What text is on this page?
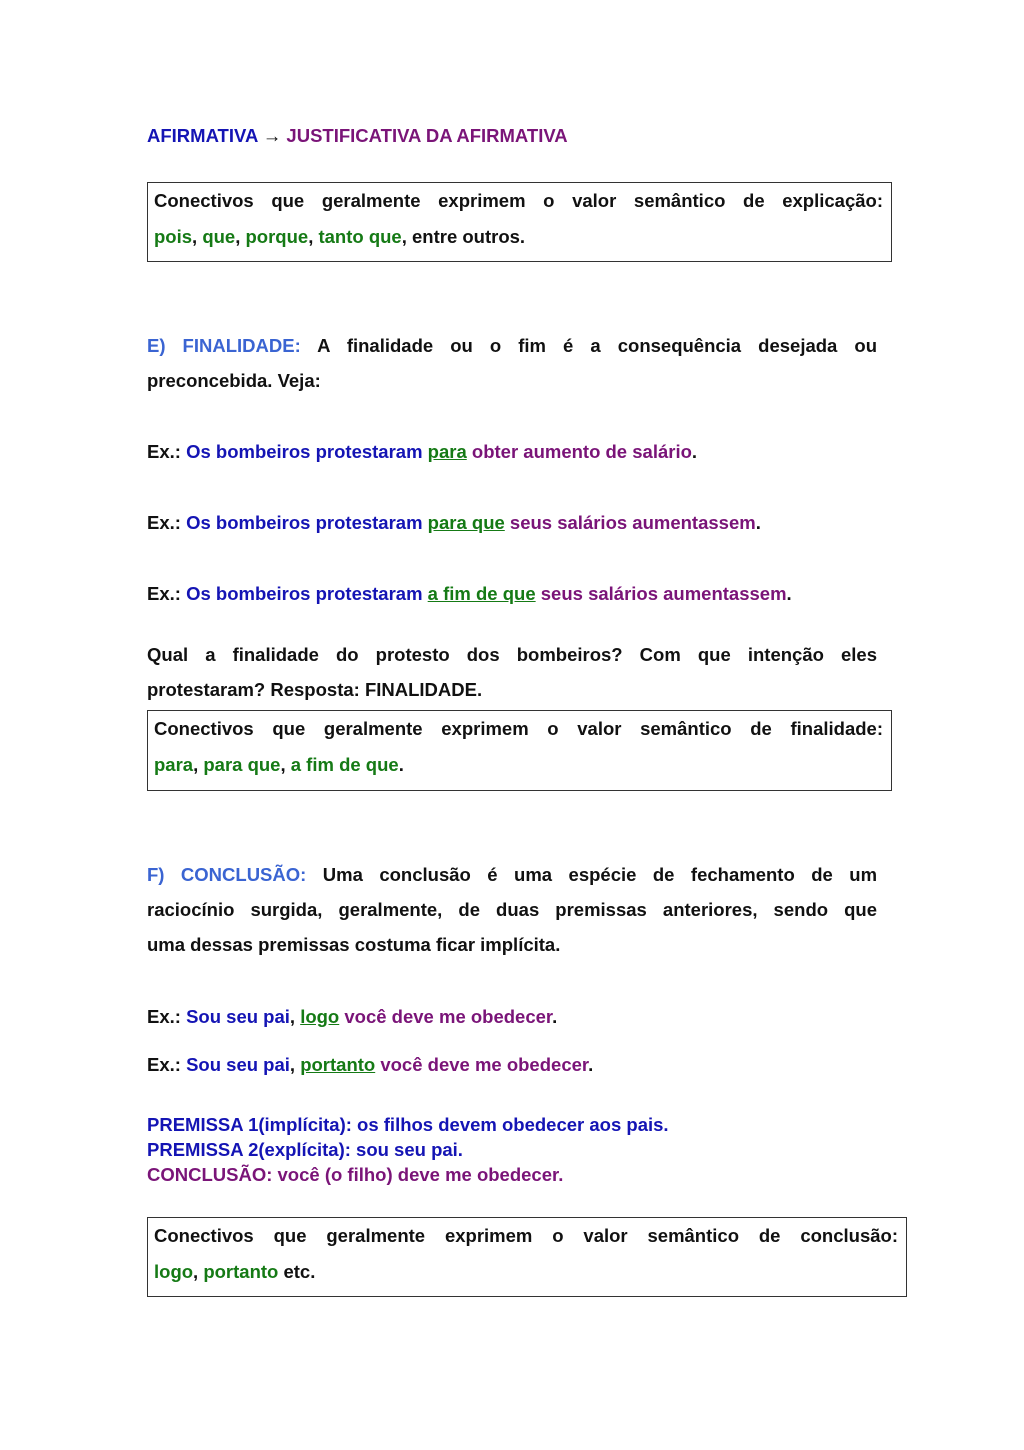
AFIRMATIVA → JUSTIFICATIVA DA AFIRMATIVA
Conectivos que geralmente exprimem o valor semântico de explicação:
pois, que, porque, tanto que, entre outros.
E) FINALIDADE: A finalidade ou o fim é a consequência desejada ou
preconcebida. Veja:
Ex.: Os bombeiros protestaram para obter aumento de salário.
Ex.: Os bombeiros protestaram para que seus salários aumentassem.
Ex.: Os bombeiros protestaram a fim de que seus salários aumentassem.
Qual a finalidade do protesto dos bombeiros? Com que intenção eles
protestaram? Resposta: FINALIDADE.
Conectivos que geralmente exprimem o valor semântico de finalidade:
para, para que, a fim de que.
F) CONCLUSÃO: Uma conclusão é uma espécie de fechamento de um
raciocínio surgida, geralmente, de duas premissas anteriores, sendo que
uma dessas premissas costuma ficar implícita.
Ex.: Sou seu pai, logo você deve me obedecer.
Ex.: Sou seu pai, portanto você deve me obedecer.
PREMISSA 1(implícita): os filhos devem obedecer aos pais.
PREMISSA 2(explícita): sou seu pai.
CONCLUSÃO: você (o filho) deve me obedecer.
Conectivos que geralmente exprimem o valor semântico de conclusão:
logo, portanto etc.
